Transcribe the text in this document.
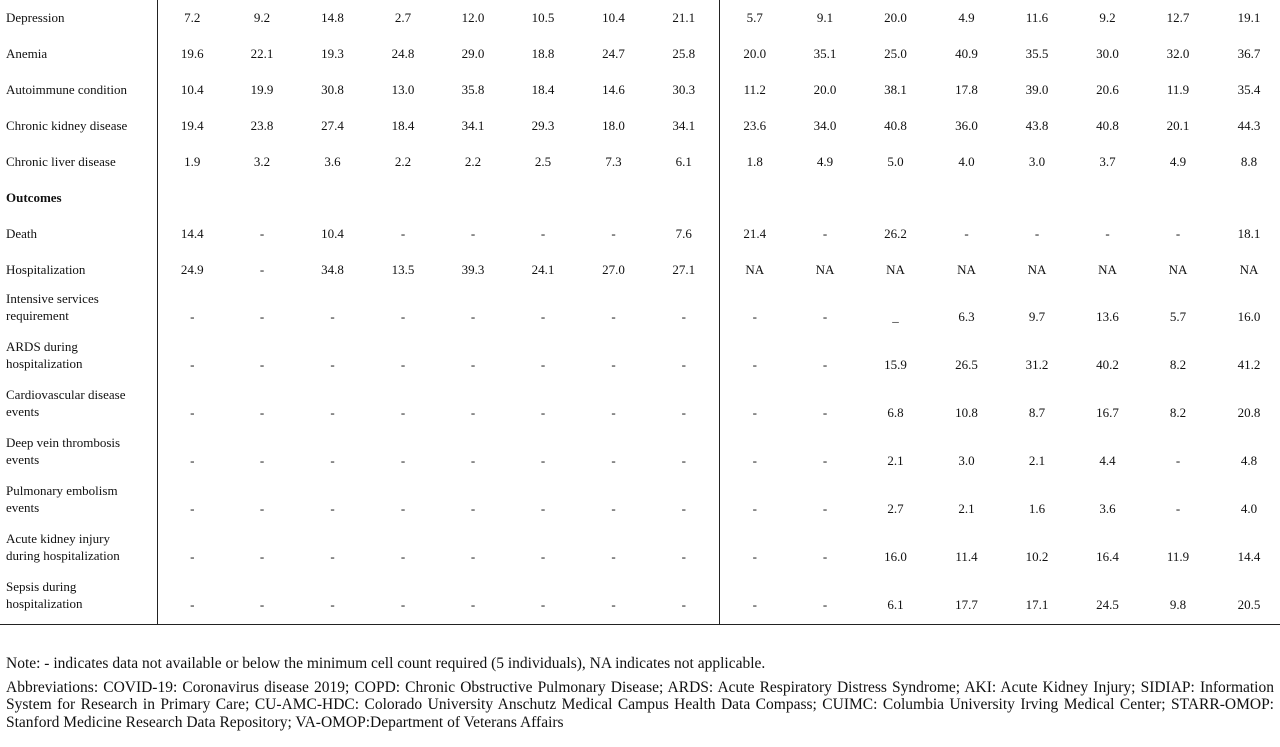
Depression	7.2	9.2	14.8	2.7	12.0	10.5	10.4	21.1	5.7	9.1	20.0	4.9	11.6	9.2	12.7	19.1
Anemia	19.6	22.1	19.3	24.8	29.0	18.8	24.7	25.8	20.0	35.1	25.0	40.9	35.5	30.0	32.0	36.7
Autoimmune condition	10.4	19.9	30.8	13.0	35.8	18.4	14.6	30.3	11.2	20.0	38.1	17.8	39.0	20.6	11.9	35.4
Chronic kidney disease	19.4	23.8	27.4	18.4	34.1	29.3	18.0	34.1	23.6	34.0	40.8	36.0	43.8	40.8	20.1	44.3
Chronic liver disease	1.9	3.2	3.6	2.2	2.2	2.5	7.3	6.1	1.8	4.9	5.0	4.0	3.0	3.7	4.9	8.8
Outcomes																
Death	14.4	-	10.4	-	-	-	-	7.6	21.4	-	26.2	-	-	-	-	18.1
Hospitalization	24.9	-	34.8	13.5	39.3	24.1	27.0	27.1	NA	NA	NA	NA	NA	NA	NA	NA
Intensive services requirement	-	-	-	-	-	-	-	-	-	-	_	6.3	9.7	13.6	5.7	16.0
ARDS during hospitalization	-	-	-	-	-	-	-	-	-	-	15.9	26.5	31.2	40.2	8.2	41.2
Cardiovascular disease events	-	-	-	-	-	-	-	-	-	-	6.8	10.8	8.7	16.7	8.2	20.8
Deep vein thrombosis events	-	-	-	-	-	-	-	-	-	-	2.1	3.0	2.1	4.4	-	4.8
Pulmonary embolism events	-	-	-	-	-	-	-	-	-	-	2.7	2.1	1.6	3.6	-	4.0
Acute kidney injury during hospitalization	-	-	-	-	-	-	-	-	-	-	16.0	11.4	10.2	16.4	11.9	14.4
Sepsis during hospitalization	-	-	-	-	-	-	-	-	-	-	6.1	17.7	17.1	24.5	9.8	20.5

Note: - indicates data not available or below the minimum cell count required (5 individuals), NA indicates not applicable.

Abbreviations: COVID-19: Coronavirus disease 2019; COPD: Chronic Obstructive Pulmonary Disease; ARDS: Acute Respiratory Distress Syndrome; AKI: Acute Kidney Injury; SIDIAP: Information System for Research in Primary Care; CU-AMC-HDC: Colorado University Anschutz Medical Campus Health Data Compass; CUIMC: Columbia University Irving Medical Center; STARR-OMOP: Stanford Medicine Research Data Repository; VA-OMOP:Department of Veterans Affairs
